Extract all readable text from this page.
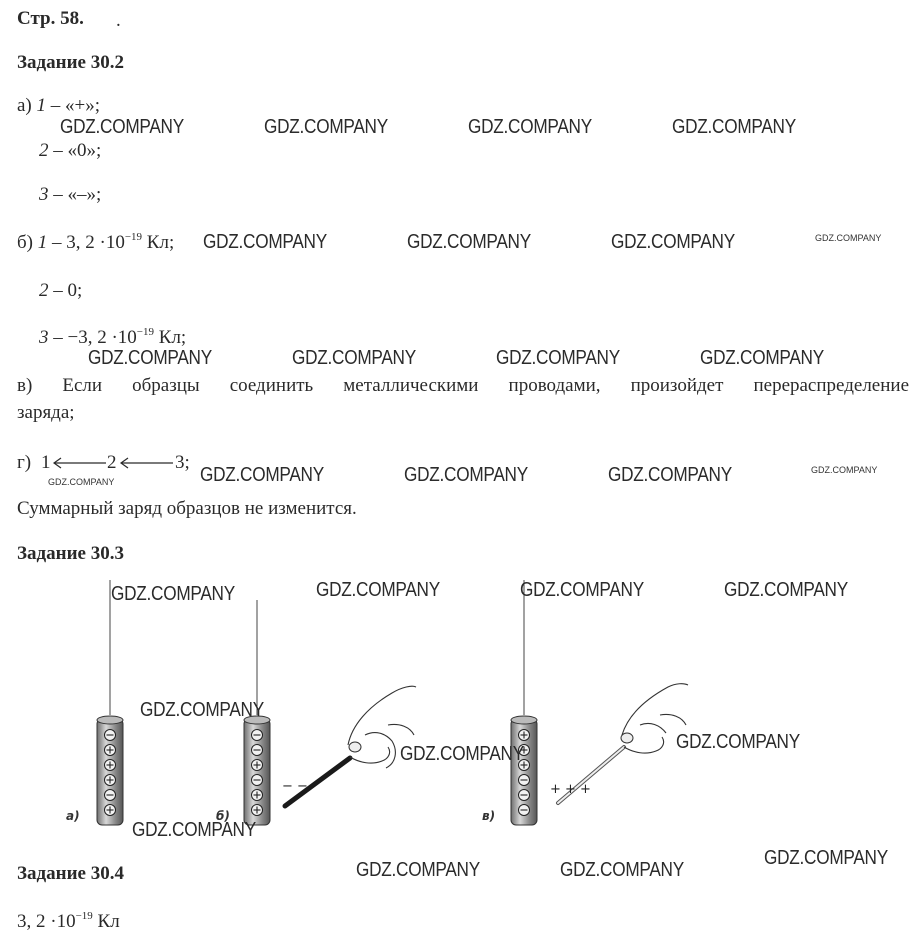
Стр. 58. .
Задание 30.2
а) 1 – «+»;
2 – «0»;
3 – «–»;
б) 1 – 3, $2 \cdot 10^{-19}$ Кл;
2 – 0;
3 – −3, $2 \cdot 10^{-19}$ Кл;
в) Если образцы соединить металлическими проводами, произойдет перераспределение
заряда;
г) 1	2	3;
Суммарный заряд образцов не изменится.
Задание 30.3
а)
− −
б)
+ + +
в)
Задание 30.4
3, $2 \cdot 10^{-19}$ Кл
GDZ.COMPANY	GDZ.COMPANY	GDZ.COMPANY	GDZ.COMPANY
GDZ.COMPANY	GDZ.COMPANY	GDZ.COMPANY	GDZ.COMPANY
GDZ.COMPANY	GDZ.COMPANY	GDZ.COMPANY	GDZ.COMPANY
GDZ.COMPANY	GDZ.COMPANY	GDZ.COMPANY	GDZ.COMPANY	GDZ.COMPANY
GDZ.COMPANY	GDZ.COMPANY	GDZ.COMPANY	GDZ.COMPANY
GDZ.COMPANY
GDZ.COMPANY
GDZ.COMPANY
GDZ.COMPANY
GDZ.COMPANY	GDZ.COMPANY
GDZ.COMPANY
